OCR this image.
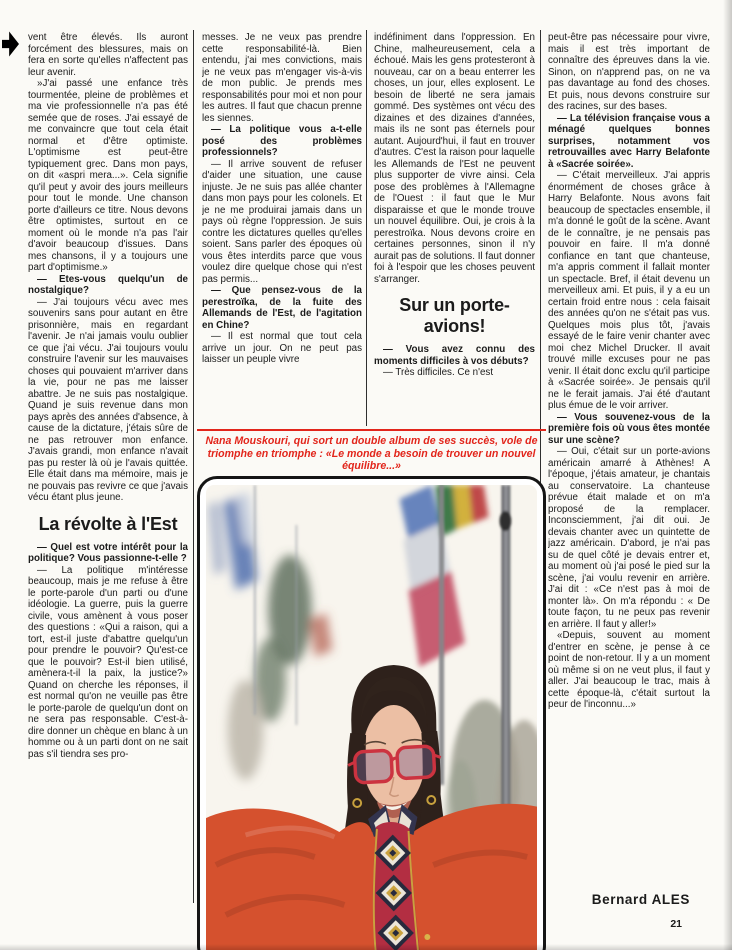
vent être élevés. Ils auront forcément des blessures, mais on fera en sorte qu'elles n'affectent pas leur avenir.

»J'ai passé une enfance très tourmentée, pleine de problèmes et ma vie professionnelle n'a pas été semée que de roses. J'ai essayé de me convaincre que tout cela était normal et d'être optimiste. L'optimisme est peut-être typiquement grec. Dans mon pays, on dit «aspri mera...». Cela signifie qu'il peut y avoir des jours meilleurs pour tout le monde. Une chanson porte d'ailleurs ce titre. Nous devons être optimistes, surtout en ce moment où le monde n'a pas l'air d'avoir beaucoup d'issues. Dans mes chansons, il y a toujours une part d'optimisme.»

— Etes-vous quelqu'un de nostalgique?

— J'ai toujours vécu avec mes souvenirs sans pour autant en être prisonnière, mais en regardant l'avenir. Je n'ai jamais voulu oublier ce que j'ai vécu. J'ai toujours voulu construire l'avenir sur les mauvaises choses qui pouvaient m'arriver dans la vie, pour ne pas me laisser abattre. Je ne suis pas nostalgique. Quand je suis revenue dans mon pays après des années d'absence, à cause de la dictature, j'étais sûre de ne pas retrouver mon enfance. J'avais grandi, mon enfance n'avait pas pu rester là où je l'avais quittée. Elle était dans ma mémoire, mais je ne pouvais pas revivre ce que j'avais vécu étant plus jeune.

La révolte à l'Est

— Quel est votre intérêt pour la politique? Vous passionne-t-elle ?

— La politique m'intéresse beaucoup, mais je me refuse à être le porte-parole d'un parti ou d'une idéologie. La guerre, puis la guerre civile, vous amènent à vous poser des questions : «Qui a raison, qui a tort, est-il juste d'abattre quelqu'un pour prendre le pouvoir? Qu'est-ce que le pouvoir? Est-il bien utilisé, amènera-t-il la paix, la justice?» Quand on cherche les réponses, il est normal qu'on ne veuille pas être le porte-parole de quelqu'un dont on ne sera pas responsable. C'est-à-dire donner un chèque en blanc à un homme ou à un parti dont on ne sait pas s'il tiendra ses pro-

messes. Je ne veux pas prendre cette responsabilité-là. Bien entendu, j'ai mes convictions, mais je ne veux pas m'engager vis-à-vis de mon public. Je prends mes responsabilités pour moi et non pour les autres. Il faut que chacun prenne les siennes.

— La politique vous a-t-elle posé des problèmes professionnels?

— Il arrive souvent de refuser d'aider une situation, une cause injuste. Je ne suis pas allée chanter dans mon pays pour les colonels. Et je ne me produirai jamais dans un pays où règne l'oppression. Je suis contre les dictatures quelles qu'elles soient. Sans parler des époques où vous êtes interdits parce que vous voulez dire quelque chose qui n'est pas permis...

— Que pensez-vous de la perestroïka, de la fuite des Allemands de l'Est, de l'agitation en Chine?

— Il est normal que tout cela arrive un jour. On ne peut pas laisser un peuple vivre

indéfiniment dans l'oppression. En Chine, malheureusement, cela a échoué. Mais les gens protesteront à nouveau, car on a beau enterrer les choses, un jour, elles explosent. Le besoin de liberté ne sera jamais gommé. Des systèmes ont vécu des dizaines et des dizaines d'années, mais ils ne sont pas éternels pour autant. Aujourd'hui, il faut en trouver d'autres. C'est la raison pour laquelle les Allemands de l'Est ne peuvent plus supporter de vivre ainsi. Cela pose des problèmes à l'Allemagne de l'Ouest : il faut que le Mur disparaisse et que le monde trouve un nouvel équilibre. Oui, je crois à la perestroïka. Nous devons croire en certaines personnes, sinon il n'y aurait pas de solutions. Il faut donner foi à l'espoir que les choses peuvent s'arranger.

Sur un porte-avions!

— Vous avez connu des moments difficiles à vos débuts?

— Très difficiles. Ce n'est

peut-être pas nécessaire pour vivre, mais il est très important de connaître des épreuves dans la vie. Sinon, on n'apprend pas, on ne va pas davantage au fond des choses. Et puis, nous devons construire sur des racines, sur des bases.

— La télévision française vous a ménagé quelques bonnes surprises, notamment vos retrouvailles avec Harry Belafonte à «Sacrée soirée».

— C'était merveilleux. J'ai appris énormément de choses grâce à Harry Belafonte. Nous avons fait beaucoup de spectacles ensemble, il m'a donné le goût de la scène. Avant de le connaître, je ne pensais pas pouvoir en faire. Il m'a donné confiance en tant que chanteuse, m'a appris comment il fallait monter un spectacle. Bref, il était devenu un merveilleux ami. Et puis, il y a eu un certain froid entre nous : cela faisait des années qu'on ne s'était pas vus. Quelques mois plus tôt, j'avais essayé de le faire venir chanter avec moi chez Michel Drucker. Il avait trouvé mille excuses pour ne pas venir. Il était donc exclu qu'il participe à «Sacrée soirée». Je pensais qu'il ne le ferait jamais. J'ai été d'autant plus émue de le voir arriver.

— Vous souvenez-vous de la première fois où vous êtes montée sur une scène?

— Oui, c'était sur un porte-avions américain amarré à Athènes! A l'époque, j'étais amateur, je chantais au conservatoire. La chanteuse prévue était malade et on m'a proposé de la remplacer. Inconsciemment, j'ai dit oui. Je devais chanter avec un quintette de jazz américain. D'abord, je n'ai pas su de quel côté je devais entrer et, au moment où j'ai posé le pied sur la scène, j'ai voulu revenir en arrière. J'ai dit : «Ce n'est pas à moi de monter là». On m'a répondu : « De toute façon, tu ne peux pas revenir en arrière. Il faut y aller!»

«Depuis, souvent au moment d'entrer en scène, je pense à ce point de non-retour. Il y a un moment où même si on ne veut plus, il faut y aller. J'ai beaucoup le trac, mais à cette époque-là, c'était surtout la peur de l'inconnu...»

Nana Mouskouri, qui sort un double album de ses succès, vole de triomphe en triomphe : «Le monde a besoin de trouver un nouvel équilibre...»
Bernard ALES
21
